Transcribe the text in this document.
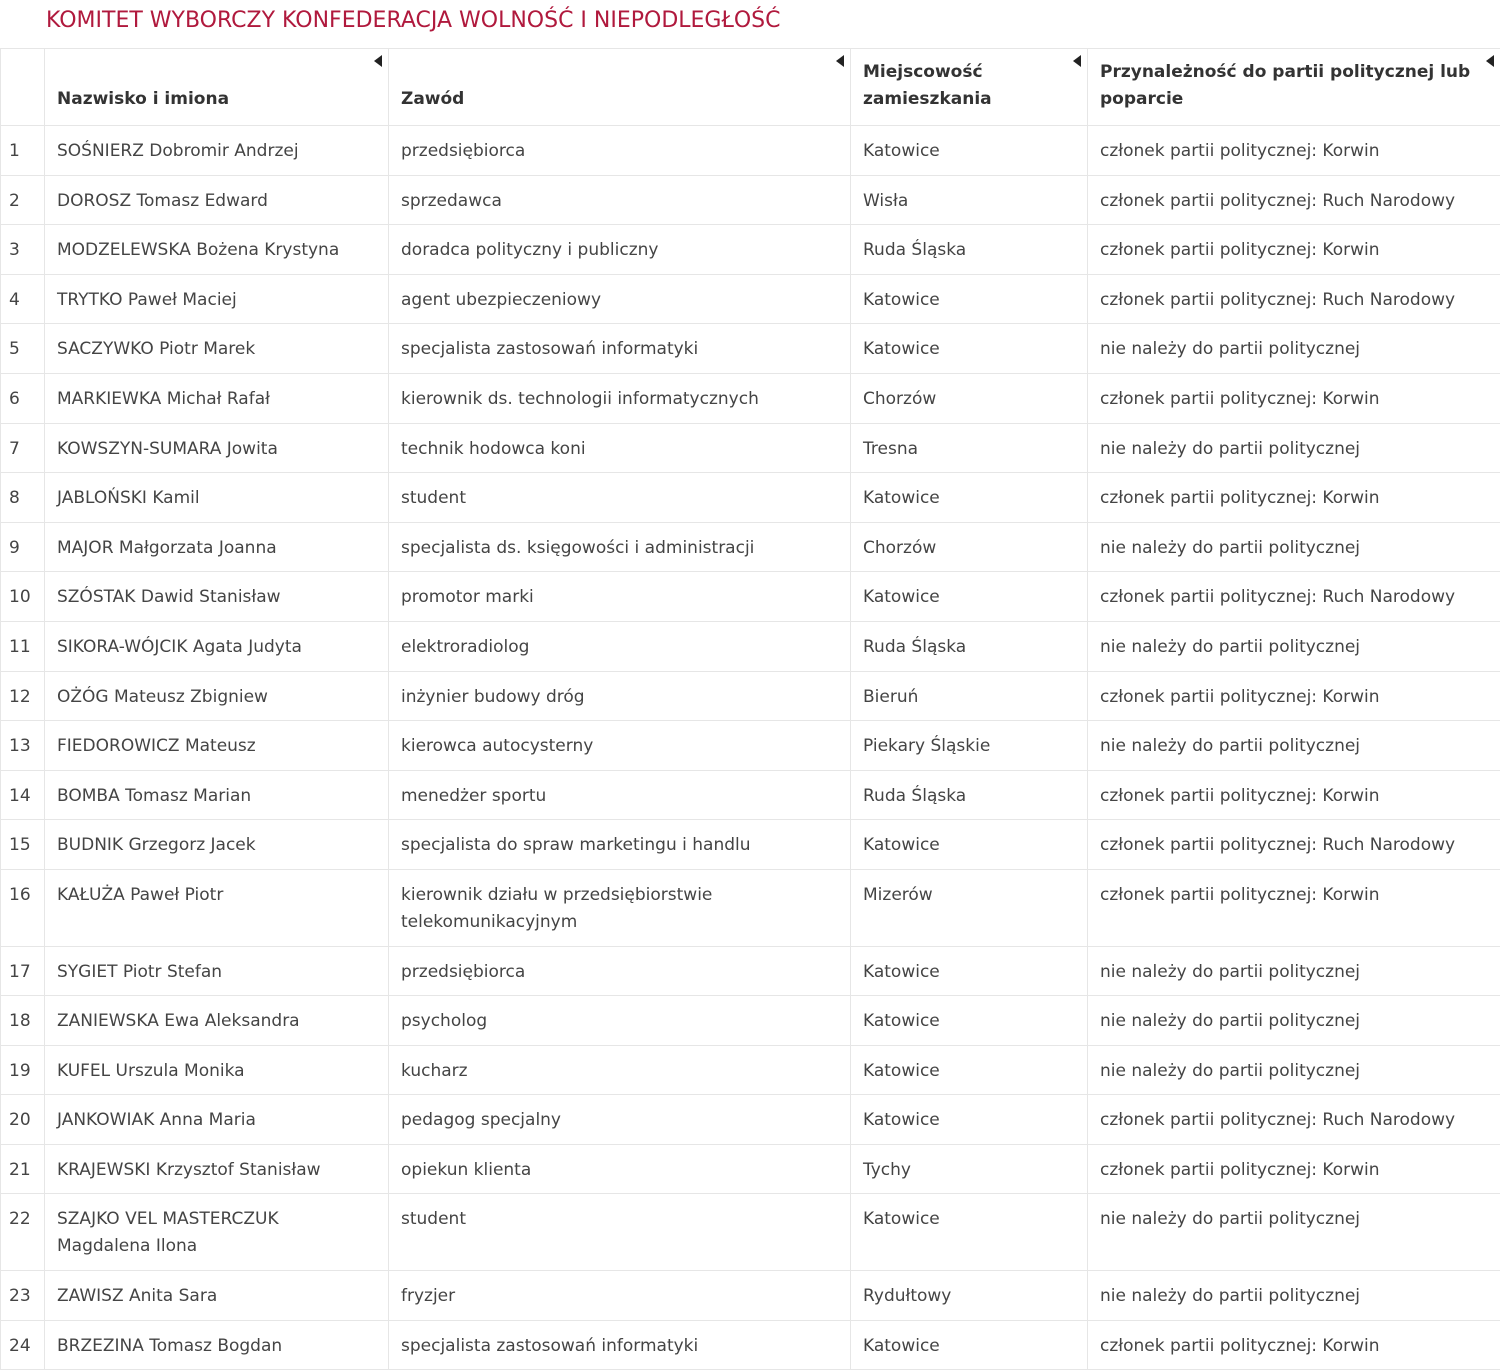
KOMITET WYBORCZY KONFEDERACJA WOLNOŚĆ I NIEPODLEGŁOŚĆ
	Nazwisko i imiona	Zawód	Miejscowość zamieszkania	Przynależność do partii politycznej lub poparcie

1	SOŚNIERZ Dobromir Andrzej	przedsiębiorca	Katowice	członek partii politycznej: Korwin
2	DOROSZ Tomasz Edward	sprzedawca	Wisła	członek partii politycznej: Ruch Narodowy
3	MODZELEWSKA Bożena Krystyna	doradca polityczny i publiczny	Ruda Śląska	członek partii politycznej: Korwin
4	TRYTKO Paweł Maciej	agent ubezpieczeniowy	Katowice	członek partii politycznej: Ruch Narodowy
5	SACZYWKO Piotr Marek	specjalista zastosowań informatyki	Katowice	nie należy do partii politycznej
6	MARKIEWKA Michał Rafał	kierownik ds. technologii informatycznych	Chorzów	członek partii politycznej: Korwin
7	KOWSZYN-SUMARA Jowita	technik hodowca koni	Tresna	nie należy do partii politycznej
8	JABLOŃSKI Kamil	student	Katowice	członek partii politycznej: Korwin
9	MAJOR Małgorzata Joanna	specjalista ds. księgowości i administracji	Chorzów	nie należy do partii politycznej
10	SZÓSTAK Dawid Stanisław	promotor marki	Katowice	członek partii politycznej: Ruch Narodowy
11	SIKORA-WÓJCIK Agata Judyta	elektroradiolog	Ruda Śląska	nie należy do partii politycznej
12	OŻÓG Mateusz Zbigniew	inżynier budowy dróg	Bieruń	członek partii politycznej: Korwin
13	FIEDOROWICZ Mateusz	kierowca autocysterny	Piekary Śląskie	nie należy do partii politycznej
14	BOMBA Tomasz Marian	menedżer sportu	Ruda Śląska	członek partii politycznej: Korwin
15	BUDNIK Grzegorz Jacek	specjalista do spraw marketingu i handlu	Katowice	członek partii politycznej: Ruch Narodowy
16	KAŁUŻA Paweł Piotr	kierownik działu w przedsiębiorstwie telekomunikacyjnym	Mizerów	członek partii politycznej: Korwin
17	SYGIET Piotr Stefan	przedsiębiorca	Katowice	nie należy do partii politycznej
18	ZANIEWSKA Ewa Aleksandra	psycholog	Katowice	nie należy do partii politycznej
19	KUFEL Urszula Monika	kucharz	Katowice	nie należy do partii politycznej
20	JANKOWIAK Anna Maria	pedagog specjalny	Katowice	członek partii politycznej: Ruch Narodowy
21	KRAJEWSKI Krzysztof Stanisław	opiekun klienta	Tychy	członek partii politycznej: Korwin
22	SZAJKO VEL MASTERCZUK Magdalena Ilona	student	Katowice	nie należy do partii politycznej
23	ZAWISZ Anita Sara	fryzjer	Rydułtowy	nie należy do partii politycznej
24	BRZEZINA Tomasz Bogdan	specjalista zastosowań informatyki	Katowice	członek partii politycznej: Korwin
